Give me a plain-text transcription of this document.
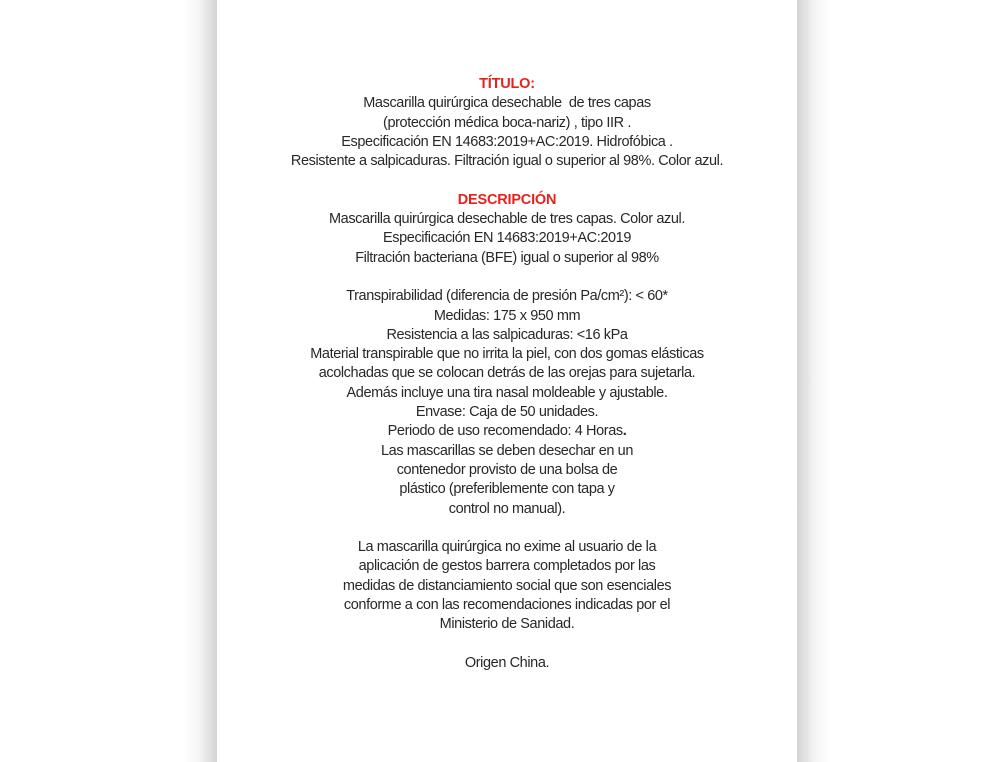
TÍTULO:
Mascarilla quirúrgica desechable  de tres capas
(protección médica boca-nariz) , tipo IIR .
Especificación EN 14683:2019+AC:2019. Hidrofóbica .
Resistente a salpicaduras. Filtración igual o superior al 98%. Color azul.
DESCRIPCIÓN
Mascarilla quirúrgica desechable de tres capas. Color azul.
Especificación EN 14683:2019+AC:2019
Filtración bacteriana (BFE) igual o superior al 98%
Transpirabilidad (diferencia de presión Pa/cm²): < 60*
Medidas: 175 x 950 mm
Resistencia a las salpicaduras: <16 kPa
Material transpirable que no irrita la piel, con dos gomas elásticas
acolchadas que se colocan detrás de las orejas para sujetarla.
Además incluye una tira nasal moldeable y ajustable.
Envase: Caja de 50 unidades.
Periodo de uso recomendado: 4 Horas.
Las mascarillas se deben desechar en un
contenedor provisto de una bolsa de
plástico (preferiblemente con tapa y
control no manual).
La mascarilla quirúrgica no exime al usuario de la
aplicación de gestos barrera completados por las
medidas de distanciamiento social que son esenciales
conforme a con las recomendaciones indicadas por el
Ministerio de Sanidad.
Origen China.
